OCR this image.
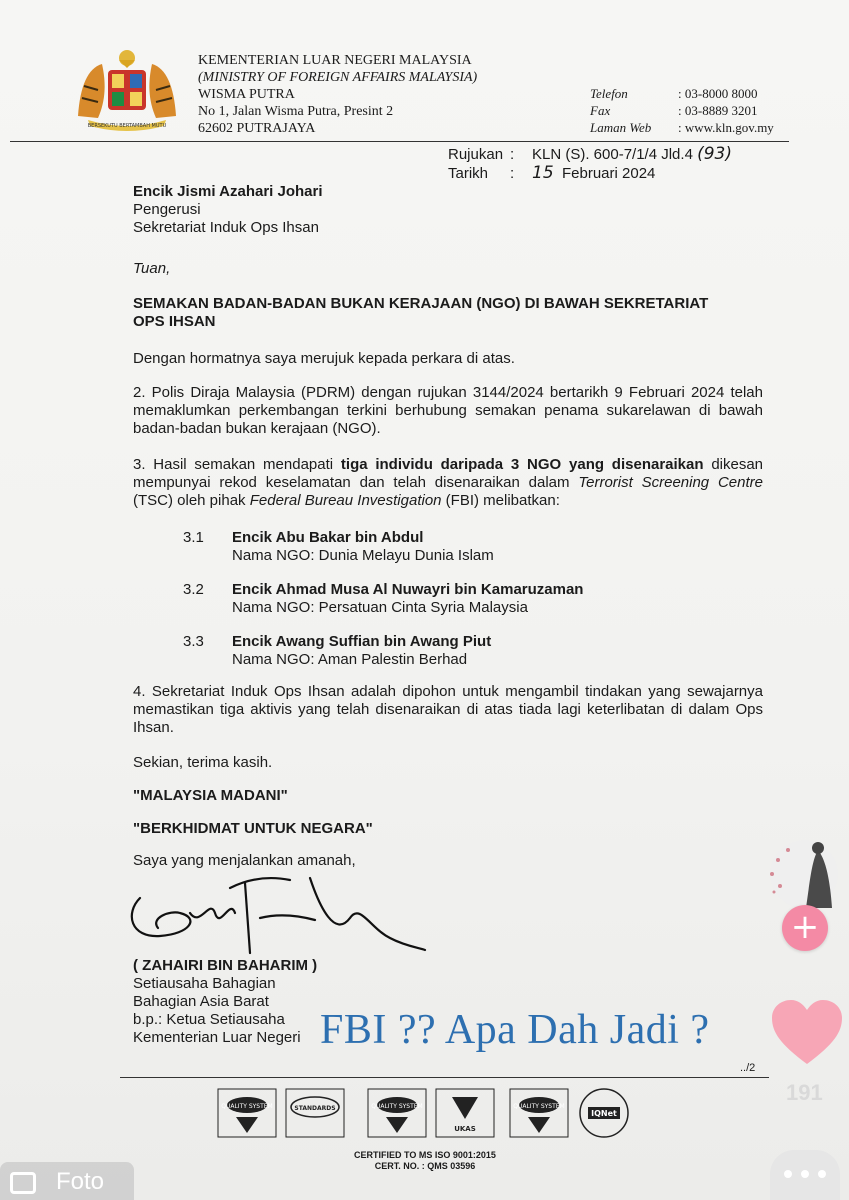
BERSEKUTU BERTAMBAH MUTU
KEMENTERIAN LUAR NEGERI MALAYSIA
(MINISTRY OF FOREIGN AFFAIRS MALAYSIA)
WISMA PUTRA
No 1, Jalan Wisma Putra, Presint 2
62602 PUTRAJAYA
Telefon	: 03-8000 8000
Fax	: 03-8889 3201
Laman Web	: www.kln.gov.my
Rujukan :	KLN (S). 600-7/1/4 Jld.4
(93)
Tarikh	:	15
Februari 2024
Encik Jismi Azahari Johari
Pengerusi
Sekretariat Induk Ops Ihsan
Tuan,
SEMAKAN BADAN-BADAN BUKAN KERAJAAN (NGO) DI BAWAH SEKRETARIAT
OPS IHSAN
Dengan hormatnya saya merujuk kepada perkara di atas.
2. Polis Diraja Malaysia (PDRM) dengan rujukan 3144/2024 bertarikh 9 Februari 2024 telah memaklumkan perkembangan terkini berhubung semakan penama sukarelawan di bawah badan-badan bukan kerajaan (NGO).
3. Hasil semakan mendapati tiga individu daripada 3 NGO yang disenaraikan dikesan mempunyai rekod keselamatan dan telah disenaraikan dalam Terrorist Screening Centre (TSC) oleh pihak Federal Bureau Investigation (FBI) melibatkan:
3.1 Encik Abu Bakar bin Abdul
Nama NGO: Dunia Melayu Dunia Islam
3.2 Encik Ahmad Musa Al Nuwayri bin Kamaruzaman
Nama NGO: Persatuan Cinta Syria Malaysia
3.3 Encik Awang Suffian bin Awang Piut
Nama NGO: Aman Palestin Berhad
4. Sekretariat Induk Ops Ihsan adalah dipohon untuk mengambil tindakan yang sewajarnya memastikan tiga aktivis yang telah disenaraikan di atas tiada lagi keterlibatan di dalam Ops Ihsan.
Sekian, terima kasih.
"MALAYSIA MADANI"
"BERKHIDMAT UNTUK NEGARA"
Saya yang menjalankan amanah,
( ZAHAIRI BIN BAHARIM )
Setiausaha Bahagian
Bahagian Asia Barat
b.p.: Ketua Setiausaha
Kementerian Luar Negeri FBI ?? Apa Dah Jadi ?
../2
QUALITY SYSTEM	STANDARDS	QUALITY SYSTEM
UKAS
QUALITY SYSTEM
IQNet
CERTIFIED TO MS ISO 9001:2015
CERT. NO. : QMS 03596
+
191
Foto
